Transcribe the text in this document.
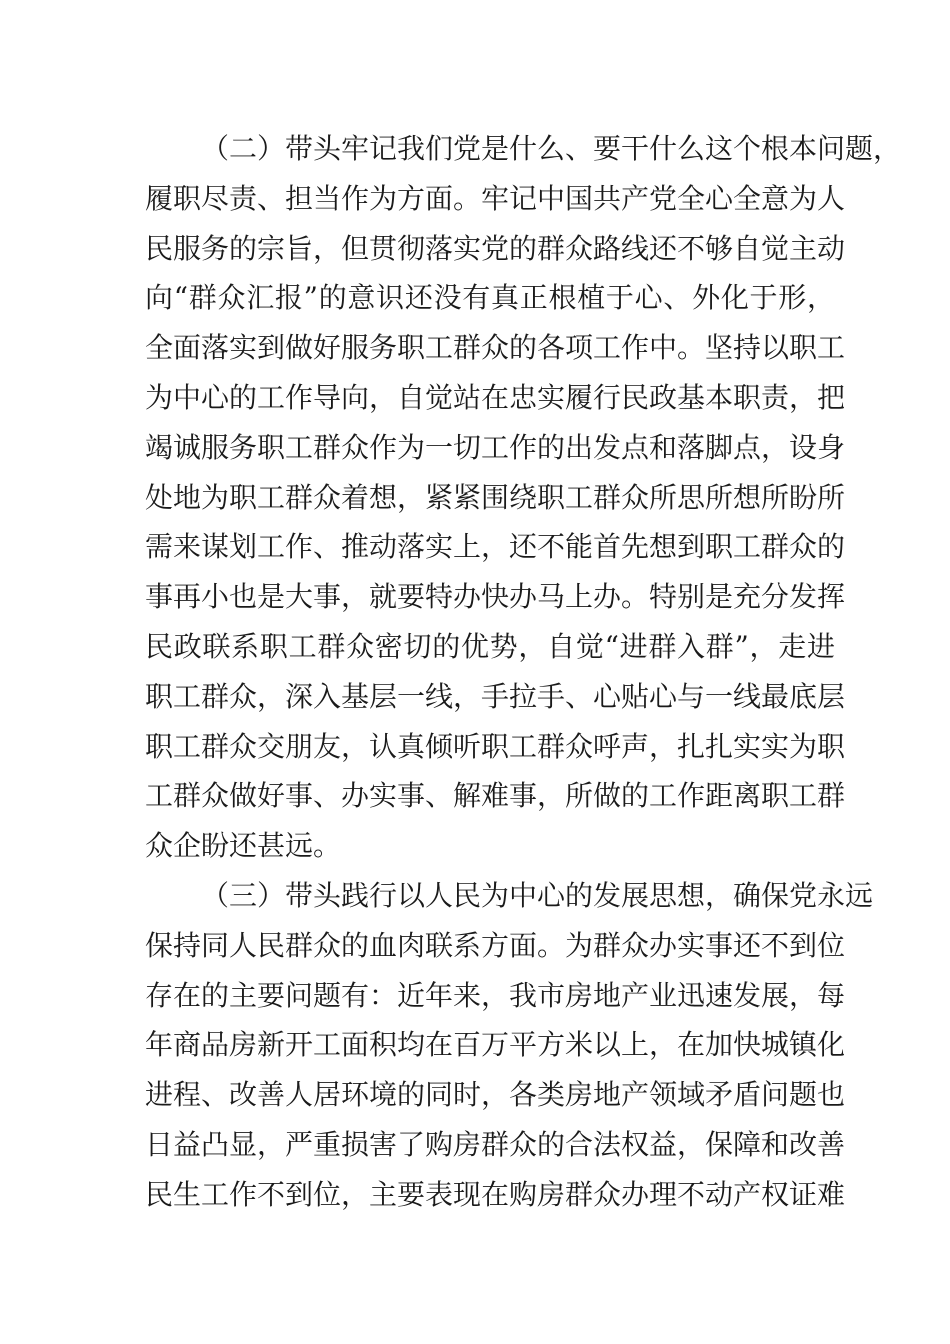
（二）带头牢记我们党是什么、要干什么这个根本问题，
履职尽责、担当作为方面。牢记中国共产党全心全意为人
民服务的宗旨，但贯彻落实党的群众路线还不够自觉主动
向“群众汇报”的意识还没有真正根植于心、外化于形，
全面落实到做好服务职工群众的各项工作中。坚持以职工
为中心的工作导向，自觉站在忠实履行民政基本职责，把
竭诚服务职工群众作为一切工作的出发点和落脚点，设身
处地为职工群众着想，紧紧围绕职工群众所思所想所盼所
需来谋划工作、推动落实上，还不能首先想到职工群众的
事再小也是大事，就要特办快办马上办。特别是充分发挥
民政联系职工群众密切的优势，自觉“进群入群”，走进
职工群众，深入基层一线，手拉手、心贴心与一线最底层
职工群众交朋友，认真倾听职工群众呼声，扎扎实实为职
工群众做好事、办实事、解难事，所做的工作距离职工群
众企盼还甚远。
（三）带头践行以人民为中心的发展思想，确保党永远
保持同人民群众的血肉联系方面。为群众办实事还不到位
存在的主要问题有：近年来，我市房地产业迅速发展，每
年商品房新开工面积均在百万平方米以上，在加快城镇化
进程、改善人居环境的同时，各类房地产领域矛盾问题也
日益凸显，严重损害了购房群众的合法权益，保障和改善
民生工作不到位，主要表现在购房群众办理不动产权证难
